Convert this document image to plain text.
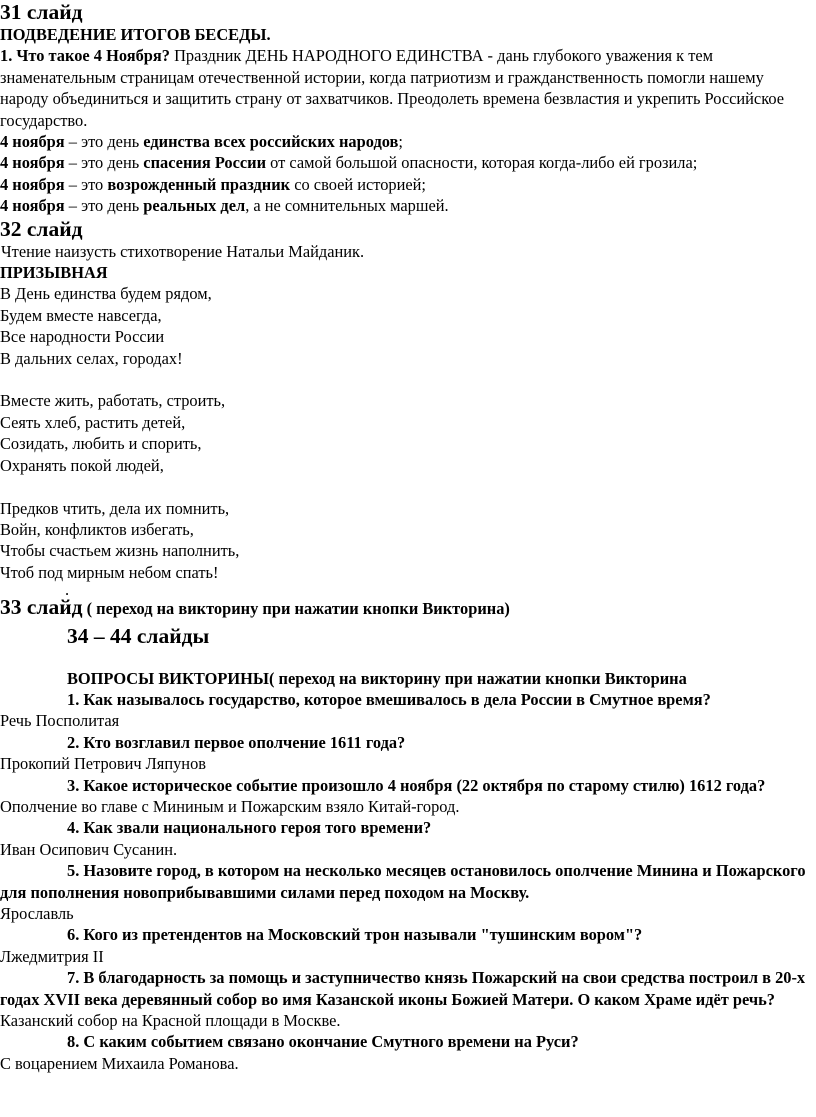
31 слайд
ПОДВЕДЕНИЕ ИТОГОВ БЕСЕДЫ.
1. Что такое 4 Ноября? Праздник ДЕНЬ НАРОДНОГО ЕДИНСТВА - дань глубокого уважения к тем знаменательным страницам отечественной истории, когда патриотизм и гражданственность помогли нашему народу объединиться и защитить страну от захватчиков. Преодолеть времена безвластия и укрепить Российское государство.
4 ноября – это день единства всех российских народов;
4 ноября – это день спасения России от самой большой опасности, которая когда-либо ей грозила;
4 ноября – это возрожденный праздник со своей историей;
4 ноября – это день реальных дел, а не сомнительных маршей.
32 слайд
Чтение наизусть стихотворение Натальи Майданик.
ПРИЗЫВНАЯ
В День единства будем рядом,
Будем вместе навсегда,
Все народности России
В дальних селах, городах!
Вместе жить, работать, строить,
Сеять хлеб, растить детей,
Созидать, любить и спорить,
Охранять покой людей,
Предков чтить, дела их помнить,
Войн, конфликтов избегать,
Чтобы счастьем жизнь наполнить,
Чтоб под мирным небом спать!
.
33 слайд ( переход на викторину при нажатии кнопки Викторина)
34 – 44 слайды
ВОПРОСЫ ВИКТОРИНЫ( переход на викторину при нажатии кнопки Викторина
1. Как называлось государство, которое вмешивалось в дела России в Смутное время?
Речь Посполитая
2. Кто возглавил первое ополчение 1611 года?
Прокопий Петрович Ляпунов
3. Какое историческое событие произошло 4 ноября (22 октября по старому стилю) 1612 года?
Ополчение во главе с Мининым и Пожарским взяло Китай-город.
4. Как звали национального героя того времени?
Иван Осипович Сусанин.
5. Назовите город, в котором на несколько месяцев остановилось ополчение Минина и Пожарского для пополнения новоприбывавшими силами перед походом на Москву.
Ярославль
6. Кого из претендентов на Московский трон называли "тушинским вором"?
Лжедмитрия II
7. В благодарность за помощь и заступничество князь Пожарский на свои средства построил в 20-х годах XVII века деревянный собор во имя Казанской иконы Божией Матери. О каком Храме идёт речь?
Казанский собор на Красной площади в Москве.
8. С каким событием связано окончание Смутного времени на Руси?
С воцарением Михаила Романова.
